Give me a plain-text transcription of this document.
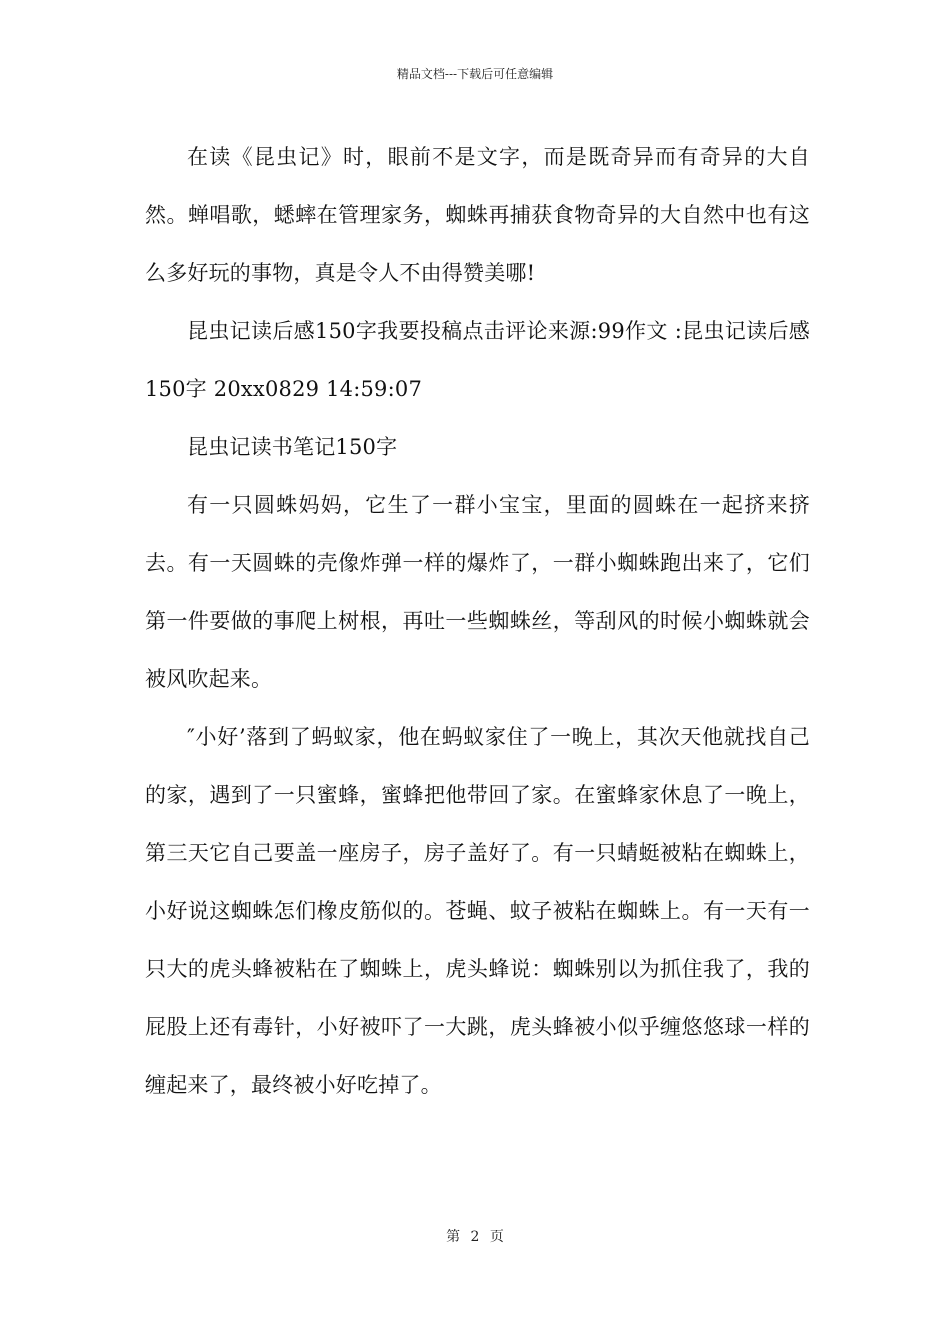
精品文档---下载后可任意编辑

在读《昆虫记》时，眼前不是文字，而是既奇异而有奇异的大自然。蝉唱歌，蟋蟀在管理家务，蜘蛛再捕获食物奇异的大自然中也有这么多好玩的事物，真是令人不由得赞美哪!

昆虫记读后感150字我要投稿点击评论来源:99作文 :昆虫记读后感150字 20xx0829 14:59:07

昆虫记读书笔记150字

有一只圆蛛妈妈，它生了一群小宝宝，里面的圆蛛在一起挤来挤去。有一天圆蛛的壳像炸弹一样的爆炸了，一群小蜘蛛跑出来了，它们第一件要做的事爬上树根，再吐一些蜘蛛丝，等刮风的时候小蜘蛛就会被风吹起来。

″小好’落到了蚂蚁家，他在蚂蚁家住了一晚上，其次天他就找自己的家，遇到了一只蜜蜂，蜜蜂把他带回了家。在蜜蜂家休息了一晚上，第三天它自己要盖一座房子，房子盖好了。有一只蜻蜓被粘在蜘蛛上，小好说这蜘蛛怎们橡皮筋似的。苍蝇、蚊子被粘在蜘蛛上。有一天有一只大的虎头蜂被粘在了蜘蛛上，虎头蜂说：蜘蛛别以为抓住我了，我的屁股上还有毒针，小好被吓了一大跳，虎头蜂被小似乎缠悠悠球一样的缠起来了，最终被小好吃掉了。

第 2 页
